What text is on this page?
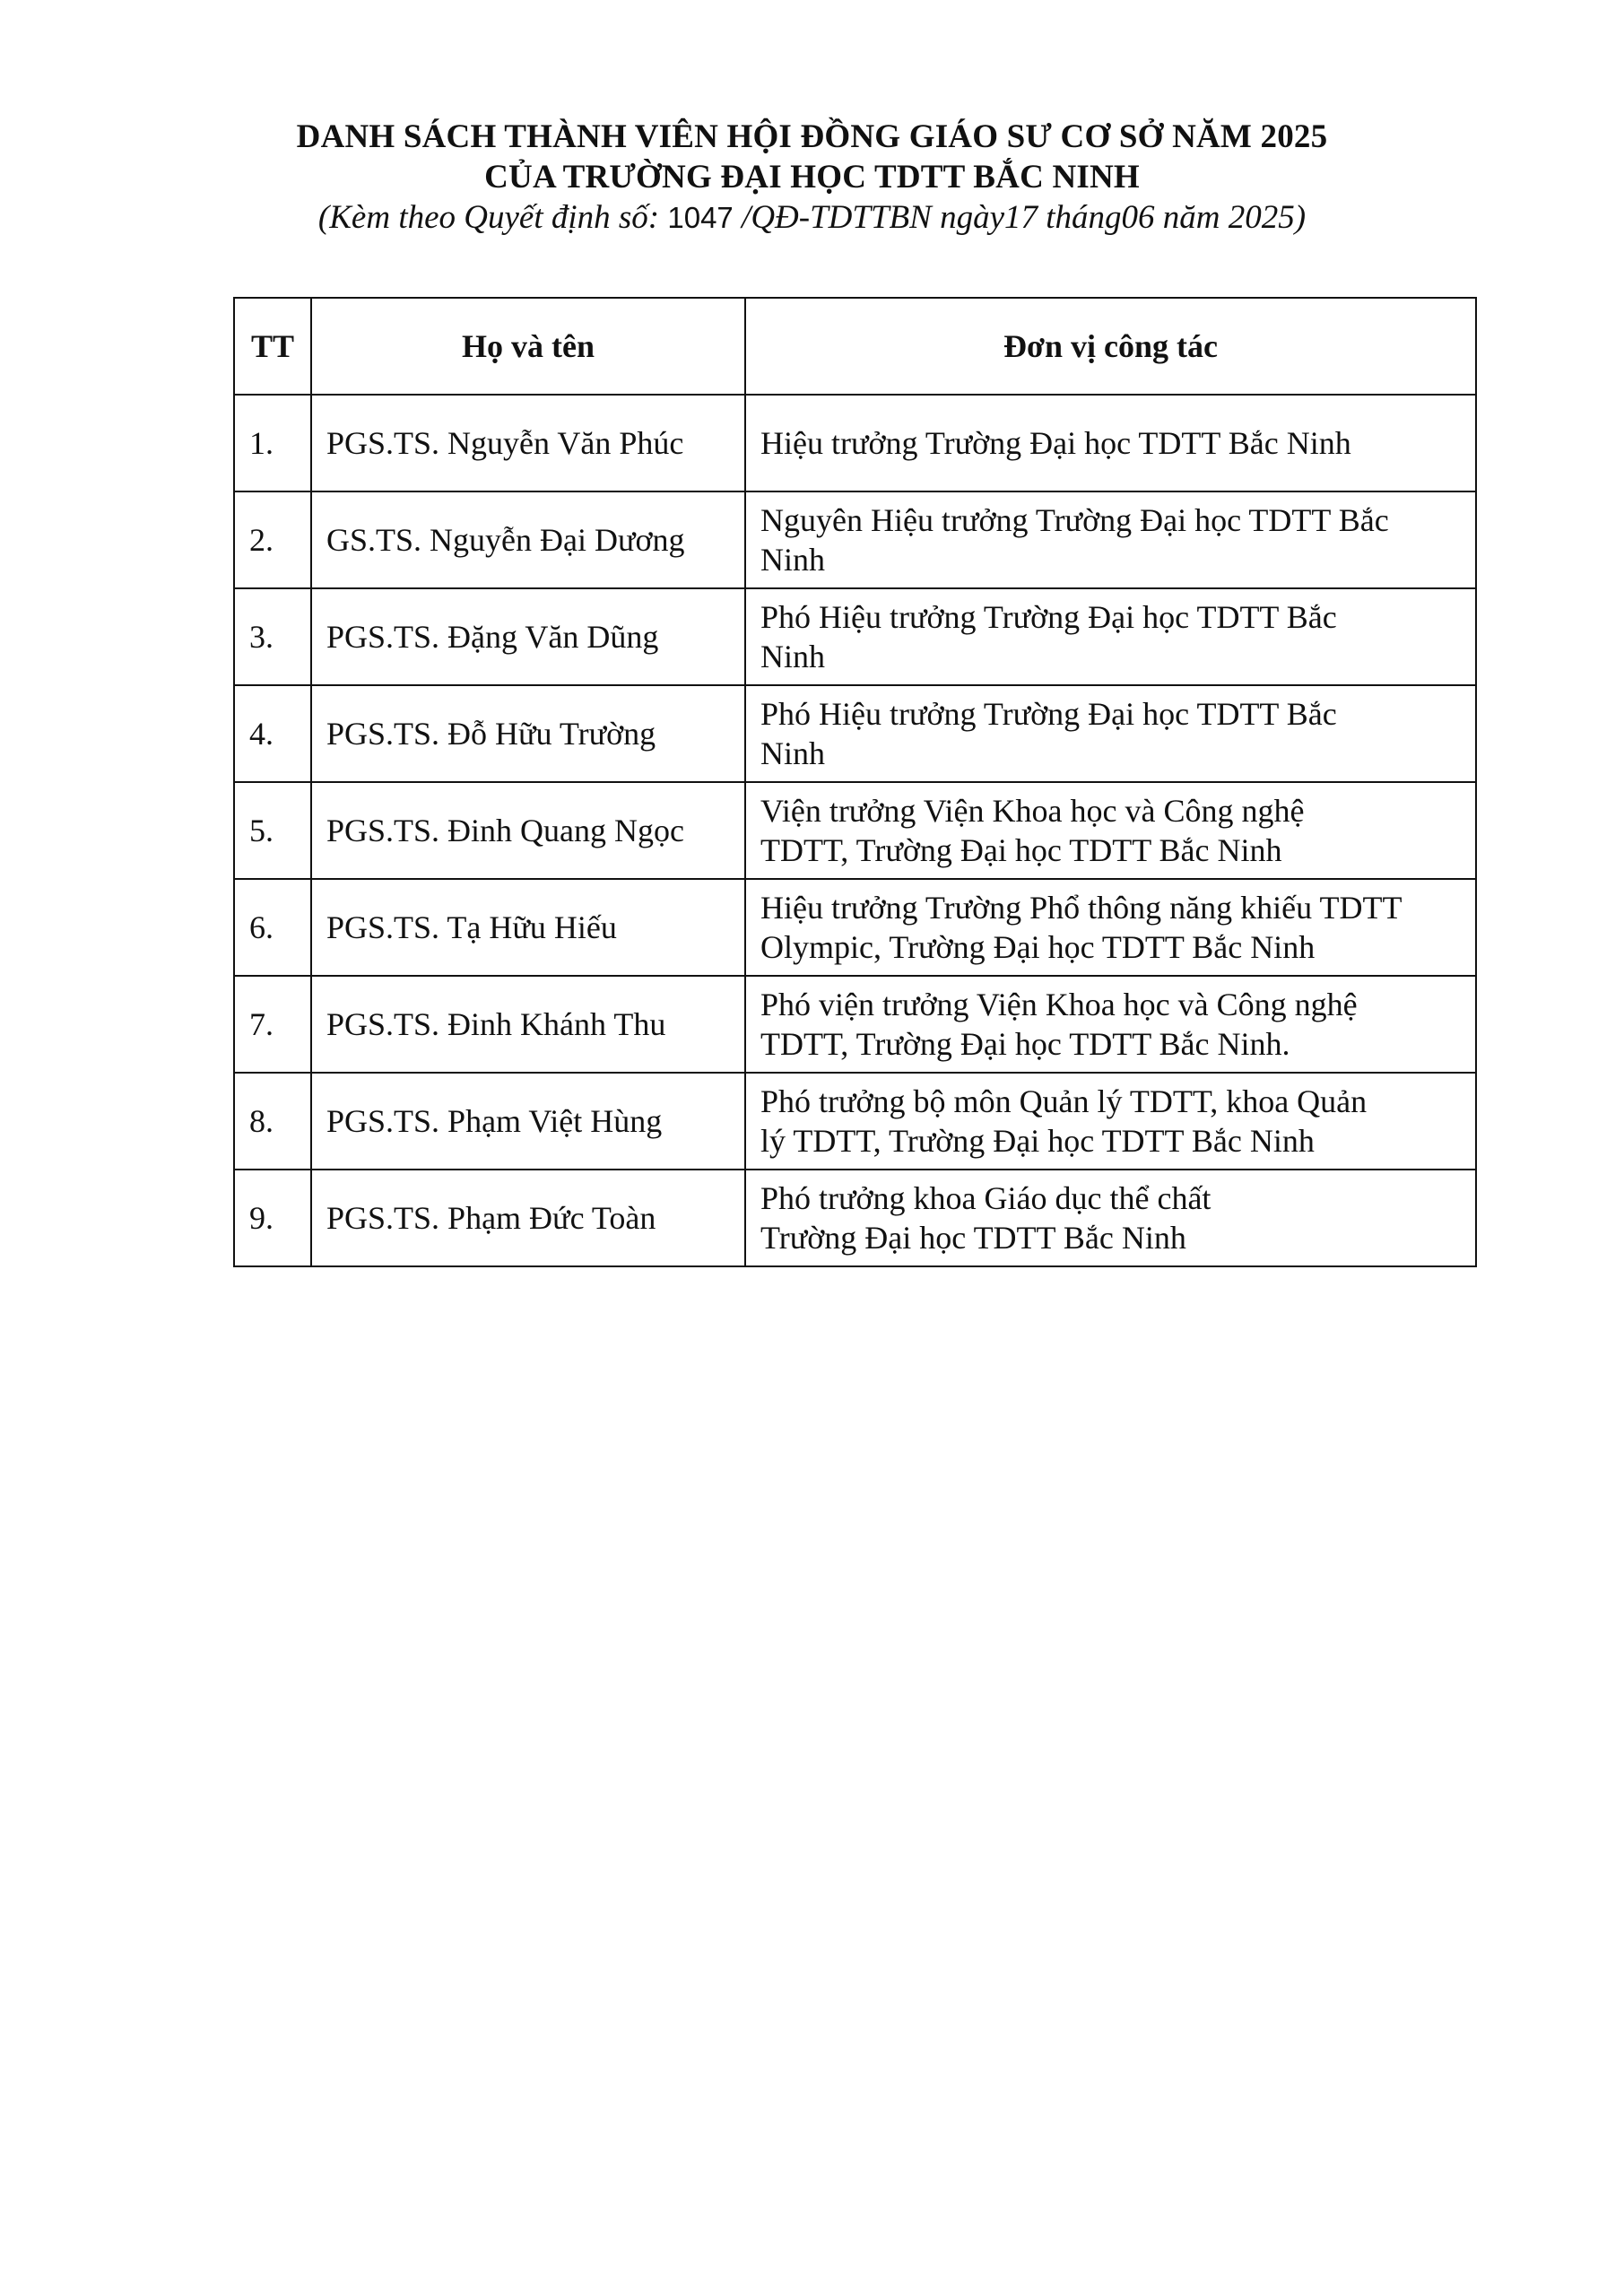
DANH SÁCH THÀNH VIÊN HỘI ĐỒNG GIÁO SƯ CƠ SỞ NĂM 2025
CỦA TRƯỜNG ĐẠI HỌC TDTT BẮC NINH
(Kèm theo Quyết định số: 1047 /QĐ-TDTTBN ngày17 tháng06 năm 2025)
TT	Họ và tên	Đơn vị công tác
1.	PGS.TS. Nguyễn Văn Phúc	Hiệu trưởng Trường Đại học TDTT Bắc Ninh
2.	GS.TS. Nguyễn Đại Dương	Nguyên Hiệu trưởng Trường Đại học TDTT Bắc
Ninh
3.	PGS.TS. Đặng Văn Dũng	Phó Hiệu trưởng Trường Đại học TDTT Bắc
Ninh
4.	PGS.TS. Đỗ Hữu Trường	Phó Hiệu trưởng Trường Đại học TDTT Bắc
Ninh
5.	PGS.TS. Đinh Quang Ngọc	Viện trưởng Viện Khoa học và Công nghệ
TDTT, Trường Đại học TDTT Bắc Ninh
6.	PGS.TS. Tạ Hữu Hiếu	Hiệu trưởng Trường Phổ thông năng khiếu TDTT
Olympic, Trường Đại học TDTT Bắc Ninh
7.	PGS.TS. Đinh Khánh Thu	Phó viện trưởng Viện Khoa học và Công nghệ
TDTT, Trường Đại học TDTT Bắc Ninh.
8.	PGS.TS. Phạm Việt Hùng	Phó trưởng bộ môn Quản lý TDTT, khoa Quản
lý TDTT, Trường Đại học TDTT Bắc Ninh
9.	PGS.TS. Phạm Đức Toàn	Phó trưởng khoa Giáo dục thể chất
Trường Đại học TDTT Bắc Ninh
